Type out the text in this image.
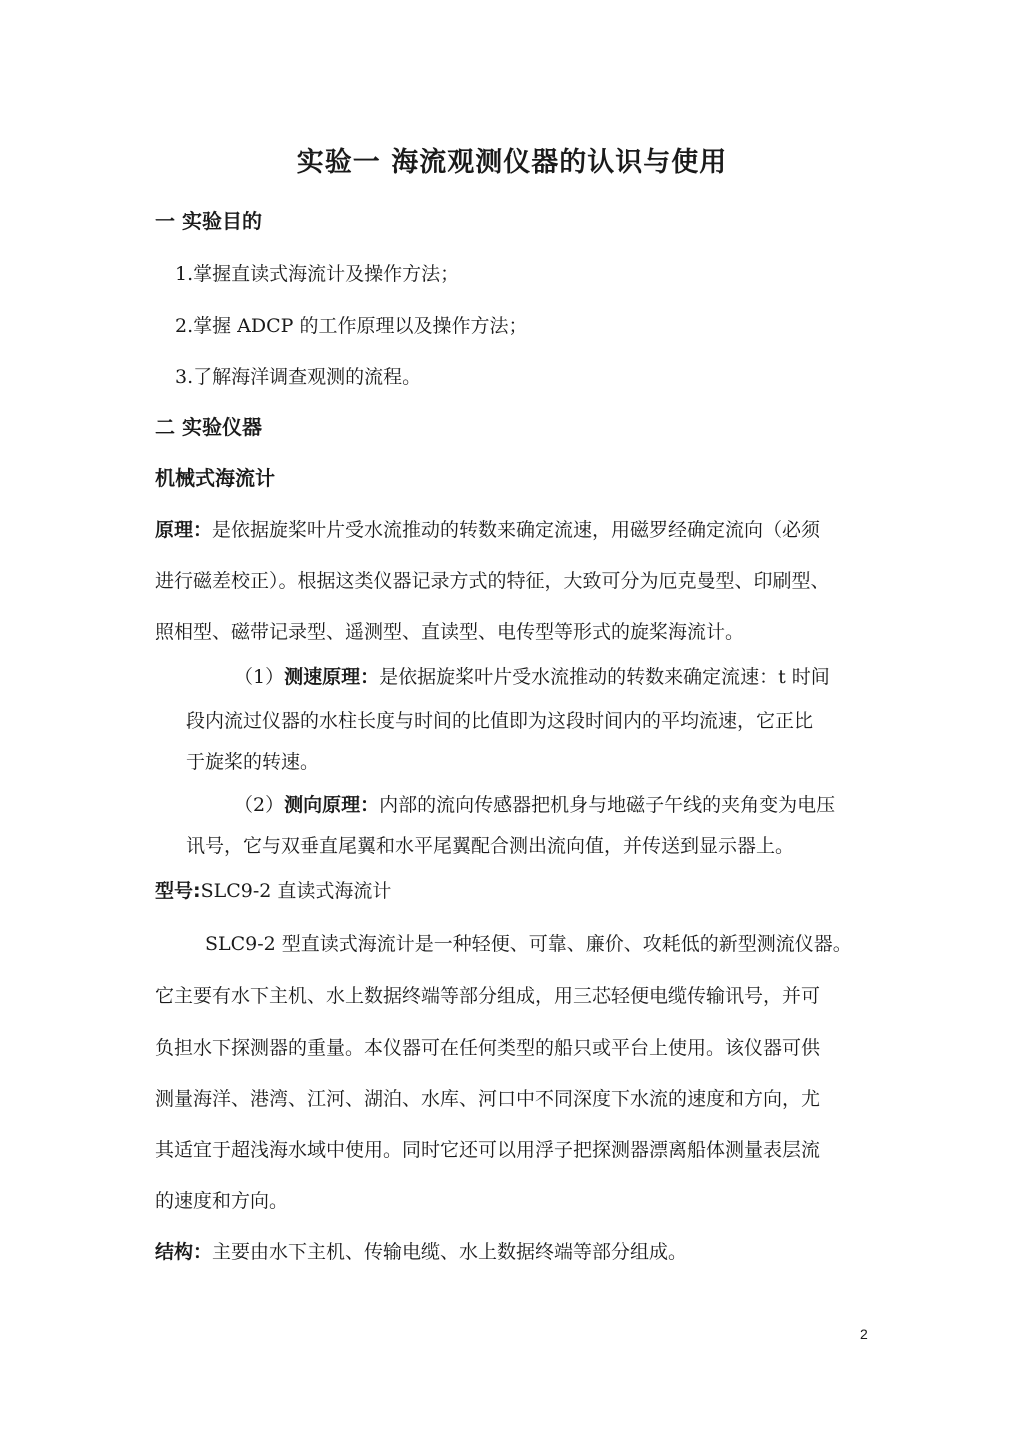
实验一 海流观测仪器的认识与使用
一 实验目的
1.掌握直读式海流计及操作方法；
2.掌握 ADCP 的工作原理以及操作方法；
3.了解海洋调查观测的流程。
二 实验仪器
机械式海流计
原理：是依据旋桨叶片受水流推动的转数来确定流速，用磁罗经确定流向（必须
进行磁差校正）。根据这类仪器记录方式的特征，大致可分为厄克曼型、印刷型、
照相型、磁带记录型、遥测型、直读型、电传型等形式的旋桨海流计。
（1）测速原理：是依据旋桨叶片受水流推动的转数来确定流速：t 时间
段内流过仪器的水柱长度与时间的比值即为这段时间内的平均流速，它正比
于旋桨的转速。
（2）测向原理：内部的流向传感器把机身与地磁子午线的夹角变为电压
讯号，它与双垂直尾翼和水平尾翼配合测出流向值，并传送到显示器上。
型号:SLC9-2 直读式海流计
SLC9-2 型直读式海流计是一种轻便、可靠、廉价、攻耗低的新型测流仪器。
它主要有水下主机、水上数据终端等部分组成，用三芯轻便电缆传输讯号，并可
负担水下探测器的重量。本仪器可在任何类型的船只或平台上使用。该仪器可供
测量海洋、港湾、江河、湖泊、水库、河口中不同深度下水流的速度和方向，尤
其适宜于超浅海水域中使用。同时它还可以用浮子把探测器漂离船体测量表层流
的速度和方向。
结构：主要由水下主机、传输电缆、水上数据终端等部分组成。
2
